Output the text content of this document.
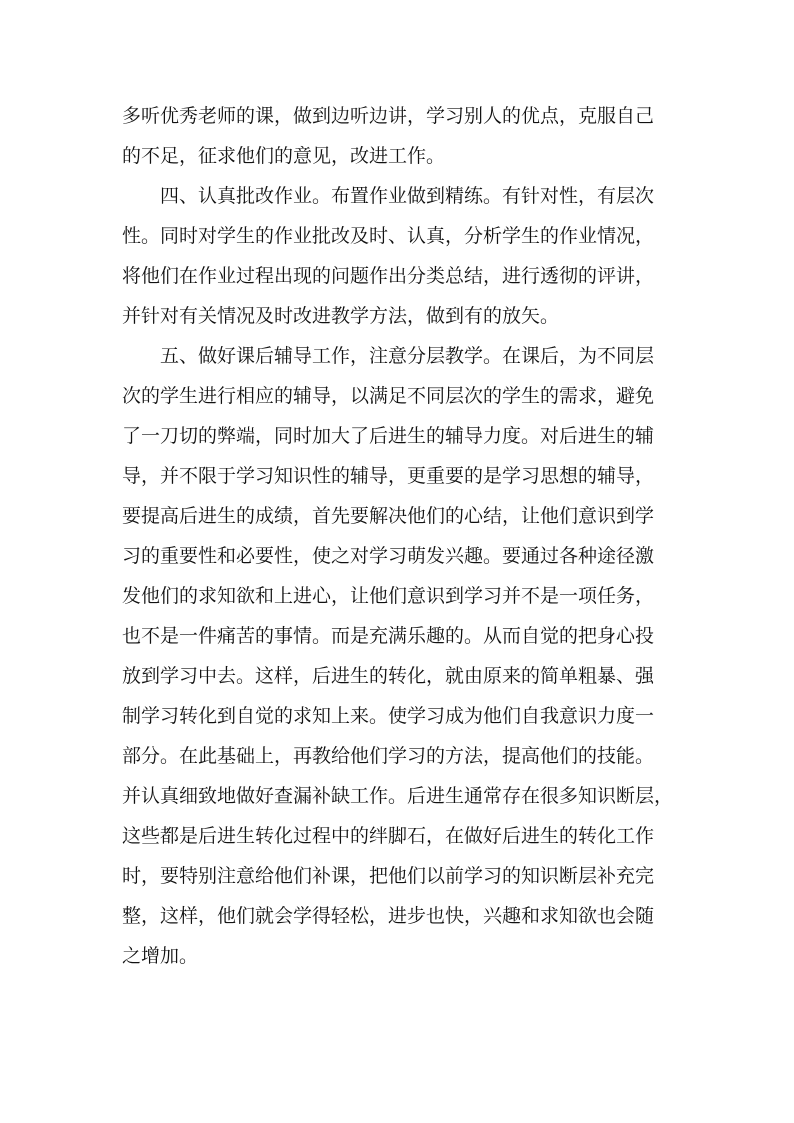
多听优秀老师的课，做到边听边讲，学习别人的优点，克服自己
的不足，征求他们的意见，改进工作。
四、认真批改作业。布置作业做到精练。有针对性，有层次
性。同时对学生的作业批改及时、认真，分析学生的作业情况，
将他们在作业过程出现的问题作出分类总结，进行透彻的评讲，
并针对有关情况及时改进教学方法，做到有的放矢。
五、做好课后辅导工作，注意分层教学。在课后，为不同层
次的学生进行相应的辅导，以满足不同层次的学生的需求，避免
了一刀切的弊端，同时加大了后进生的辅导力度。对后进生的辅
导，并不限于学习知识性的辅导，更重要的是学习思想的辅导，
要提高后进生的成绩，首先要解决他们的心结，让他们意识到学
习的重要性和必要性，使之对学习萌发兴趣。要通过各种途径激
发他们的求知欲和上进心，让他们意识到学习并不是一项任务，
也不是一件痛苦的事情。而是充满乐趣的。从而自觉的把身心投
放到学习中去。这样，后进生的转化，就由原来的简单粗暴、强
制学习转化到自觉的求知上来。使学习成为他们自我意识力度一
部分。在此基础上，再教给他们学习的方法，提高他们的技能。
并认真细致地做好查漏补缺工作。后进生通常存在很多知识断层，
这些都是后进生转化过程中的绊脚石，在做好后进生的转化工作
时，要特别注意给他们补课，把他们以前学习的知识断层补充完
整，这样，他们就会学得轻松，进步也快，兴趣和求知欲也会随
之增加。
